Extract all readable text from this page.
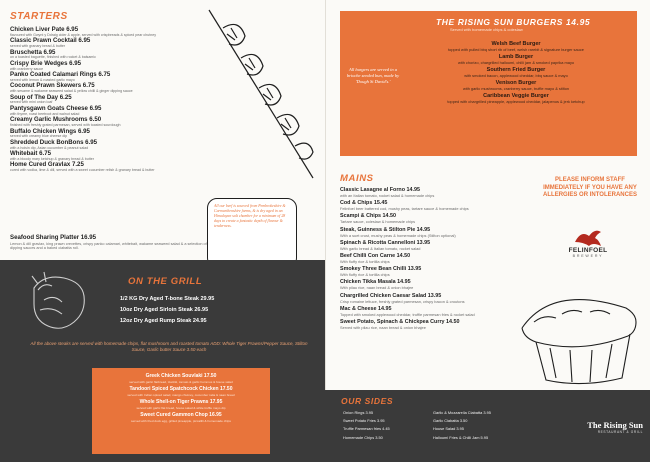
STARTERS
Chicken Liver Pate 6.95
flavoured with Gwynt y Ddraig cider & apple, served with crispbreads & spiced pear chutney
Classic Prawn Cocktail 6.95
served with granary bread & butter
Bruschetta 6.95
on a toasted baguette, finished with rocket & balsamic
Crispy Brie Wedges 6.95
with cranberry sauce
Panko Coated Calamari Rings 6.75
served with lemon & roasted garlic mayo
Coconut Prawn Skewers 6.75
with sesame & wakame seaweed salad & yellow chilli & ginger dipping sauce
Soup of The Day 6.25
served with mini onion loaf
Pantysgawn Goats Cheese 6.95
with thyme, roast beetroot and walnut salad
Creamy Garlic Mushrooms 6.50
finished with freshly grated parmesan, served with toasted sourdough
Buffalo Chicken Wings 6.95
served with creamy blue cheese dip
Shredded Duck BonBons 6.95
with a hoisin dip, Asian cucumber & peanut salad
Whitebait 6.75
with a bloody mary ketchup & granary bread & butter
Home Cured Gravlax 7.25
cured with vodka, lime & dill, served with a sweet cucumber relish & granary bread & butter
Seafood Sharing Platter 16.95
Lemon & dill gravlax, king prawn crevettes, crispy panko calamari, whitebait, wakame seaweed salad & a selection of dipping sauces and a baked ciabatta roll.
All our beef is sourced from Pembrokeshire & Carmarthenshire farms, & is dry aged in an Himalayan salt chamber for a minimum of 28 days to create a fantastic depth of flavour & tenderness.
ON THE GRILL
1/2 KG Dry Aged T-bone Steak 29.95
10oz Dry Aged Sirloin Steak 26.95
12oz Dry Aged Rump Steak 24.95
All the above steaks are served with homemade chips, flat mushroom and roasted tomato ADD: Whole Tiger Prawns/Pepper Sauce, Stilton Sauce, Garlic butter Sauce 3.50 each
Greek Chicken Souvlaki 17.50
served with garlic flatbread, tzatziki, tomato & garlic hummus & house salad
Tandoori Spiced Spatchcock Chicken 17.50
served with Indian spiced salad, mango chutney, cucumber raita & naan bread
Whole Shell-on Tiger Prawns 17.95
served with garlic flat bread, house salad & white truffle mayo dip
Sweet Cured Gammon Chop 16.95
served with fried duck egg, grilled pineapple, piccalilli & homemade chips
THE RISING SUN BURGERS 14.95
Served with homemade chips & coleslaw
All burgers are served in a brioche seeded bun, made by 'Dough St David's.'
Welsh Beef Burger
topped with pulled bbq short rib of beef, welsh rarebit & signature burger sauce
Lamb Burger
with chorizo, chargrilled halloumi, chilli jam & smoked paprika mayo
Southern Fried Burger
with smoked bacon, applewood cheddar, bbq sauce & mayo
Venison Burger
with garlic mushrooms, cranberry sauce, truffle mayo & stilton
Caribbean Veggie Burger
topped with chargrilled pineapple, applewood cheddar, jalapenos & jerk ketchup
MAINS
Classic Lasagne al Forno 14.95
with an Italian tomato, rocket salad & homemade chips
Cod & Chips 15.45
Felinfoel beer battered cod, mushy peas, tartare sauce & homemade chips
Scampi & Chips 14.50
Tartare sauce, coleslaw & homemade chips
Steak, Guinness & Stilton Pie 14.95
With a suet crust, mushy peas & homemade chips (Stilton optional)
Spinach & Ricotta Cannelloni 13.95
With garlic bread & Italian tomato, rocket salad
Beef Chilli Con Carne 14.50
With fluffy rice & tortilla chips
Smokey Three Bean Chilli 13.95
With fluffy rice & tortilla chips
Chicken Tikka Masala 14.95
With pilau rice, naan bread & onion bhajee
Chargrilled Chicken Caesar Salad 13.95
Crisp romaine lettuce, freshly grated parmesan, crispy bacon & croutons
Mac & Cheese 14.95
Topped with smoked applewood cheddar, truffle parmesan fries & rocket salad
Sweet Potato, Spinach & Chickpea Curry 14.50
Served with pilau rice, naan bread & onion bhajee
PLEASE INFORM STAFF IMMEDIATELY IF YOU HAVE ANY ALLERGIES OR INTOLERANCES
FELINFOEL
BREWERY
OUR SIDES
Onion Rings 3.95
Sweet Potato Fries 3.95
Truffle Parmesan fries 4.45
Homemade Chips 3.50
Garlic & Mozzarella Ciabatta 3.95
Garlic Ciabatta 3.50
House Salad 3.95
Halloumi Fries & Chilli Jam 5.95
The Rising Sun
RESTAURANT & GRILL
